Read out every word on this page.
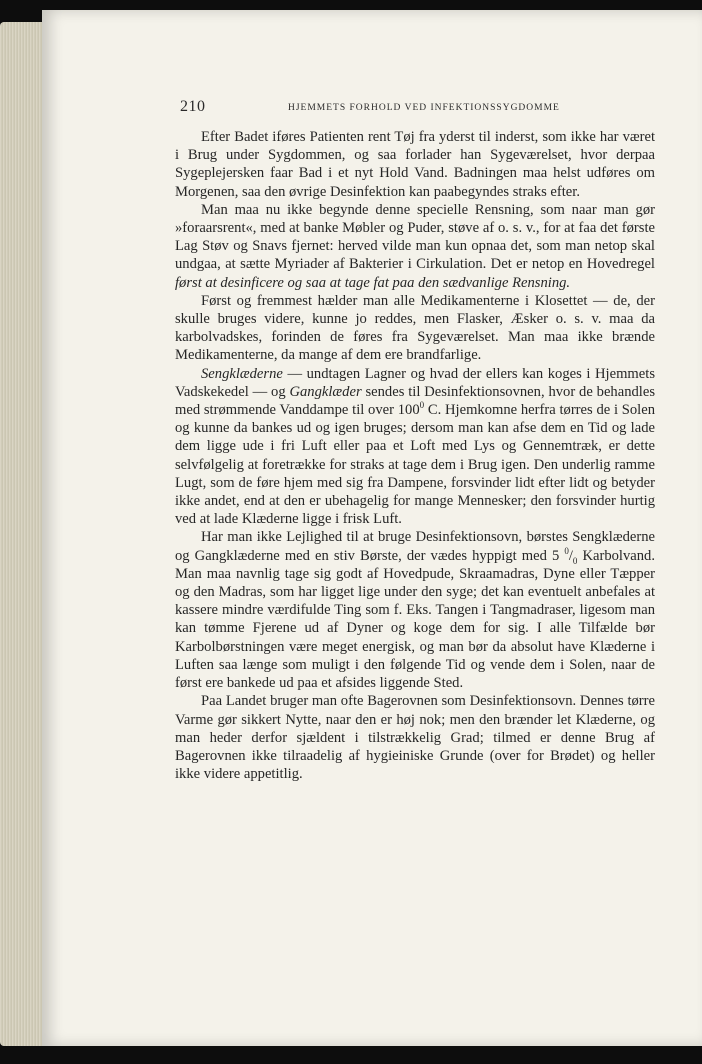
210	HJEMMETS FORHOLD VED INFEKTIONSSYGDOMME

Efter Badet iføres Patienten rent Tøj fra yderst til inderst, som ikke har været i Brug under Sygdommen, og saa forlader han Sygeværelset, hvor derpaa Sygeplejersken faar Bad i et nyt Hold Vand. Badningen maa helst udføres om Morgenen, saa den øvrige Desinfektion kan paabegyndes straks efter.

Man maa nu ikke begynde denne specielle Rensning, som naar man gør »foraarsrent«, med at banke Møbler og Puder, støve af o. s. v., for at faa det første Lag Støv og Snavs fjernet: herved vilde man kun opnaa det, som man netop skal undgaa, at sætte Myriader af Bakterier i Cirkulation. Det er netop en Hovedregel først at desinficere og saa at tage fat paa den sædvanlige Rensning.

Først og fremmest hælder man alle Medikamenterne i Klosettet — de, der skulle bruges videre, kunne jo reddes, men Flasker, Æsker o. s. v. maa da karbolvadskes, forinden de føres fra Sygeværelset. Man maa ikke brænde Medikamenterne, da mange af dem ere brandfarlige.

Sengklæderne — undtagen Lagner og hvad der ellers kan koges i Hjemmets Vadskekedel — og Gangklæder sendes til Desinfektionsovnen, hvor de behandles med strømmende Vanddampe til over $100^0$ C. Hjemkomne herfra tørres de i Solen og kunne da bankes ud og igen bruges; dersom man kan afse dem en Tid og lade dem ligge ude i fri Luft eller paa et Loft med Lys og Gennemtræk, er dette selvfølgelig at foretrække for straks at tage dem i Brug igen. Den underlig ramme Lugt, som de føre hjem med sig fra Dampene, forsvinder lidt efter lidt og betyder ikke andet, end at den er ubehagelig for mange Mennesker; den forsvinder hurtig ved at lade Klæderne ligge i frisk Luft.

Har man ikke Lejlighed til at bruge Desinfektionsovn, børstes Sengklæderne og Gangklæderne med en stiv Børste, der vædes hyppigt med 5 $^0/_0$ Karbolvand. Man maa navnlig tage sig godt af Hovedpude, Skraamadras, Dyne eller Tæpper og den Madras, som har ligget lige under den syge; det kan eventuelt anbefales at kassere mindre værdifulde Ting som f. Eks. Tangen i Tangmadraser, ligesom man kan tømme Fjerene ud af Dyner og koge dem for sig. I alle Tilfælde bør Karbolbørstningen være meget energisk, og man bør da absolut have Klæderne i Luften saa længe som muligt i den følgende Tid og vende dem i Solen, naar de først ere bankede ud paa et afsides liggende Sted.

Paa Landet bruger man ofte Bagerovnen som Desinfektionsovn. Dennes tørre Varme gør sikkert Nytte, naar den er høj nok; men den brænder let Klæderne, og man heder derfor sjældent i tilstrækkelig Grad; tilmed er denne Brug af Bagerovnen ikke tilraadelig af hygieiniske Grunde (over for Brødet) og heller ikke videre appetitlig.
